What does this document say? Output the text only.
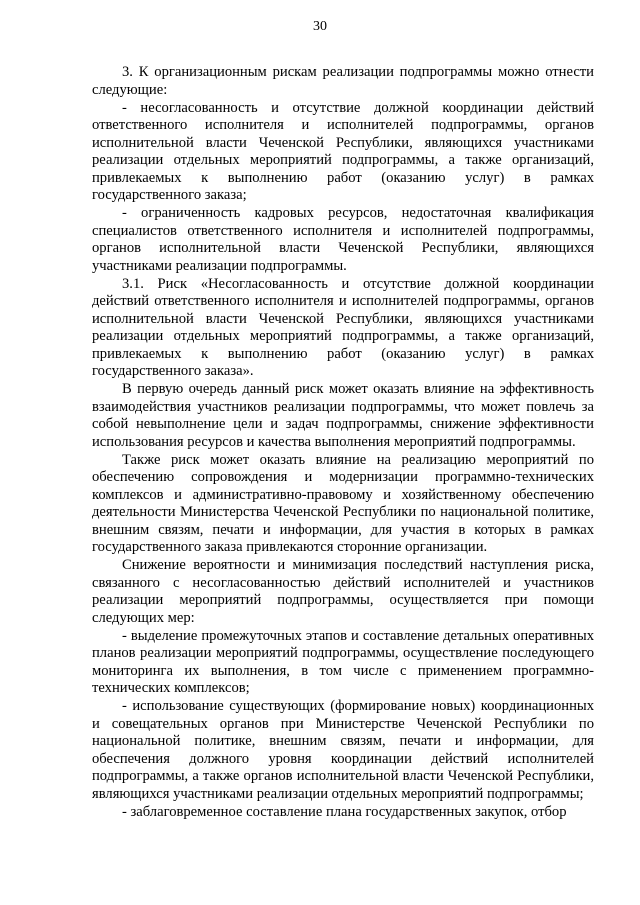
30

3. К организационным рискам реализации подпрограммы можно отнести следующие:

- несогласованность и отсутствие должной координации действий ответственного исполнителя и исполнителей подпрограммы, органов исполнительной власти Чеченской Республики, являющихся участниками реализации отдельных мероприятий подпрограммы, а также организаций, привлекаемых к выполнению работ (оказанию услуг) в рамках государственного заказа;

- ограниченность кадровых ресурсов, недостаточная квалификация специалистов ответственного исполнителя и исполнителей подпрограммы, органов исполнительной власти Чеченской Республики, являющихся участниками реализации подпрограммы.

3.1. Риск «Несогласованность и отсутствие должной координации действий ответственного исполнителя и исполнителей подпрограммы, органов исполнительной власти Чеченской Республики, являющихся участниками реализации отдельных мероприятий подпрограммы, а также организаций, привлекаемых к выполнению работ (оказанию услуг) в рамках государственного заказа».

В первую очередь данный риск может оказать влияние на эффективность взаимодействия участников реализации подпрограммы, что может повлечь за собой невыполнение цели и задач подпрограммы, снижение эффективности использования ресурсов и качества выполнения мероприятий подпрограммы.

Также риск может оказать влияние на реализацию мероприятий по обеспечению сопровождения и модернизации программно-технических комплексов и административно-правовому и хозяйственному обеспечению деятельности Министерства Чеченской Республики по национальной политике, внешним связям, печати и информации, для участия в которых в рамках государственного заказа привлекаются сторонние организации.

Снижение вероятности и минимизация последствий наступления риска, связанного с несогласованностью действий исполнителей и участников реализации мероприятий подпрограммы, осуществляется при помощи следующих мер:

- выделение промежуточных этапов и составление детальных оперативных планов реализации мероприятий подпрограммы, осуществление последующего мониторинга их выполнения, в том числе с применением программно-технических комплексов;

- использование существующих (формирование новых) координационных и совещательных органов при Министерстве Чеченской Республики по национальной политике, внешним связям, печати и информации, для обеспечения должного уровня координации действий исполнителей подпрограммы, а также органов исполнительной власти Чеченской Республики, являющихся участниками реализации отдельных мероприятий подпрограммы;

- заблаговременное составление плана государственных закупок, отбор
